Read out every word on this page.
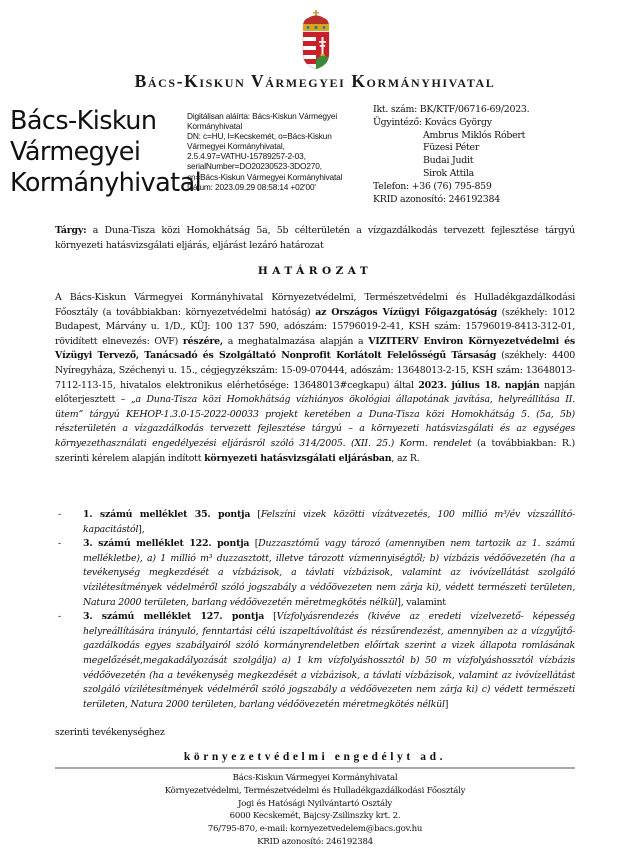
Bács-Kiskun Vármegyei Kormányhivatal
Bács-Kiskun
Vármegyei
Kormányhivatal
Digitálisan aláírta: Bács-Kiskun Vármegyei
Kormányhivatal
DN: c=HU, l=Kecskemét, o=Bács-Kiskun
Vármegyei Kormányhivatal,
2.5.4.97=VATHU-15789257-2-03,
serialNumber=DO20230523-3DO270,
cn=Bács-Kiskun Vármegyei Kormányhivatal
Dátum: 2023.09.29 08:58:14 +02'00'
Ikt. szám: BK/KTF/06716-69/2023.
Ügyintéző: Kovács György
Ambrus Miklós Róbert
Füzesi Péter
Budai Judit
Sirok Attila
Telefon: +36 (76) 795-859
KRID azonosító: 246192384
Tárgy: a Duna-Tisza közi Homokhátság 5a, 5b célterületén a vízgazdálkodás tervezett fejlesztése tárgyú környezeti hatásvizsgálati eljárás, eljárást lezáró határozat
HATÁROZAT
A Bács-Kiskun Vármegyei Kormányhivatal Környezetvédelmi, Természetvédelmi és Hulladékgazdálkodási Főosztály (a továbbiakban: környezetvédelmi hatóság) az Országos Vízügyi Főigazgatóság (székhely: 1012 Budapest, Márvány u. 1/D., KÜJ: 100 137 590, adószám: 15796019-2-41, KSH szám: 15796019-8413-312-01, rövidített elnevezés: OVF) részére, a meghatalmazása alapján a VIZITERV Environ Környezetvédelmi és Vízügyi Tervező, Tanácsadó és Szolgáltató Nonprofit Korlátolt Felelősségű Társaság (székhely: 4400 Nyíregyháza, Széchenyi u. 15., cégjegyzékszám: 15-09-070444, adószám: 13648013-2-15, KSH szám: 13648013-7112-113-15, hivatalos elektronikus elérhetősége: 13648013#cegkapu) által 2023. július 18. napján napján előterjesztett – „a Duna-Tisza közi Homokhátság vízhiányos ökológiai állapotának javítása, helyreállítása II. ütem” tárgyú KEHOP-1.3.0-15-2022-00033 projekt keretében a Duna-Tisza közi Homokhátság 5. (5a, 5b) részterületén a vízgazdálkodás tervezett fejlesztése tárgyú – a környezeti hatásvizsgálati és az egységes környezethasználati engedélyezési eljárásról szóló 314/2005. (XII. 25.) Korm. rendelet (a továbbiakban: R.) szerinti kérelem alapján indított környezeti hatásvizsgálati eljárásban, az R.
- 1. számú melléklet 35. pontja [Felszíni vizek közötti vízátvezetés, 100 millió m³/év vízszállító-kapacitástól],
- 3. számú melléklet 122. pontja [Duzzasztómű vagy tározó (amennyiben nem tartozik az 1. számú mellékletbe), a) 1 millió m³ duzzasztott, illetve tározott vízmennyiségtől; b) vízbázis védőövezetén (ha a tevékenység megkezdését a vízbázisok, a távlati vízbázisok, valamint az ivóvízellátást szolgáló vízilétesítmények védelméről szóló jogszabály a védőövezeten nem zárja ki), védett természeti területen, Natura 2000 területen, barlang védőövezetén méretmegkötés nélkül], valamint
- 3. számú melléklet 127. pontja [Vízfolyásrendezés (kivéve az eredeti vízelvezető- képesség helyreállítására irányuló, fenntartási célú iszapeltávolítást és rézsűrendezést, amennyiben az a vízgyűjtő-gazdálkodás egyes szabályairól szóló kormányrendeletben előírtak szerint a vizek állapota romlásának megelőzését,megakadályozását szolgálja) a) 1 km vízfolyáshossztól b) 50 m vízfolyáshossztól vízbázis védőövezetén (ha a tevékenység megkezdését a vízbázisok, a távlati vízbázisok, valamint az ivóvízellátást szolgáló vízilétesítmények védelméről szóló jogszabály a védőövezeten nem zárja ki) c) védett természeti területen, Natura 2000 területen, barlang védőövezetén méretmegkötés nélkül]
szerinti tevékenységhez
környezetvédelmi engedélyt ad.
Bács-Kiskun Vármegyei Kormányhivatal
Környezetvédelmi, Természetvédelmi és Hulladékgazdálkodási Főosztály
Jogi és Hatósági Nyilvántartó Osztály
6000 Kecskemét, Bajcsy-Zsilinszky krt. 2.
76/795-870, e-mail: kornyezetvedelem@bacs.gov.hu
KRID azonosító: 246192384
